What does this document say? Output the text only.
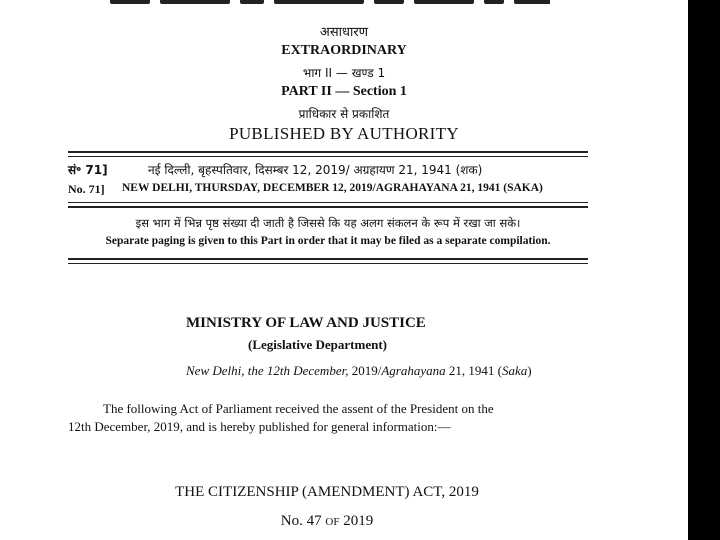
असाधारण
EXTRAORDINARY
भाग II — खण्ड 1
PART II — Section 1
प्राधिकार से प्रकाशित
PUBLISHED BY AUTHORITY
सं॰ 71]	नई दिल्ली, बृहस्पतिवार, दिसम्बर 12, 2019/ अग्रहायण 21, 1941 (शक)
No. 71] NEW DELHI, THURSDAY, DECEMBER 12, 2019/AGRAHAYANA 21, 1941 (SAKA)
इस भाग में भिन्न पृष्ठ संख्या दी जाती है जिससे कि यह अलग संकलन के रूप में रखा जा सके।
Separate paging is given to this Part in order that it may be filed as a separate compilation.
MINISTRY OF LAW AND JUSTICE
(Legislative Department)
New Delhi, the 12th December, 2019/Agrahayana 21, 1941 (Saka)
The following Act of Parliament received the assent of the President on the
12th December, 2019, and is hereby published for general information:—
THE CITIZENSHIP (AMENDMENT) ACT, 2019
No. 47 of 2019
